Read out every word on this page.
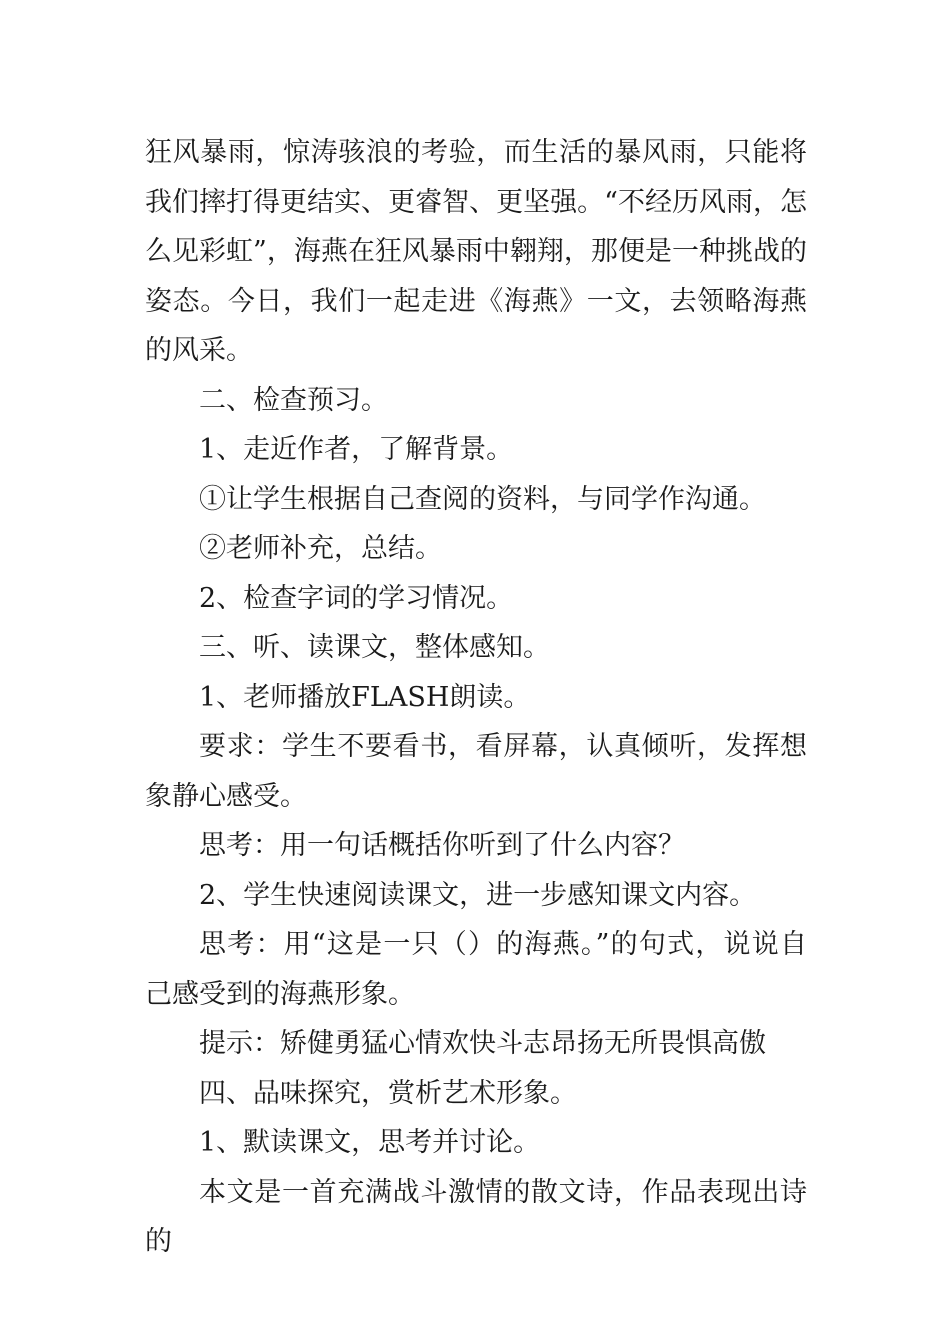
狂风暴雨，惊涛骇浪的考验，而生活的暴风雨，只能将我们摔打得更结实、更睿智、更坚强。“不经历风雨，怎么见彩虹”，海燕在狂风暴雨中翱翔，那便是一种挑战的姿态。今日，我们一起走进《海燕》一文，去领略海燕的风采。

二、检查预习。

1、走近作者，了解背景。

①让学生根据自己查阅的资料，与同学作沟通。

②老师补充，总结。

2、检查字词的学习情况。

三、听、读课文，整体感知。

1、老师播放FLASH朗读。

要求：学生不要看书，看屏幕，认真倾听，发挥想象静心感受。

思考：用一句话概括你听到了什么内容？

2、学生快速阅读课文，进一步感知课文内容。

思考：用“这是一只（）的海燕。”的句式，说说自己感受到的海燕形象。

提示：矫健勇猛心情欢快斗志昂扬无所畏惧高傲

四、品味探究，赏析艺术形象。

1、默读课文，思考并讨论。

本文是一首充满战斗激情的散文诗，作品表现出诗的
